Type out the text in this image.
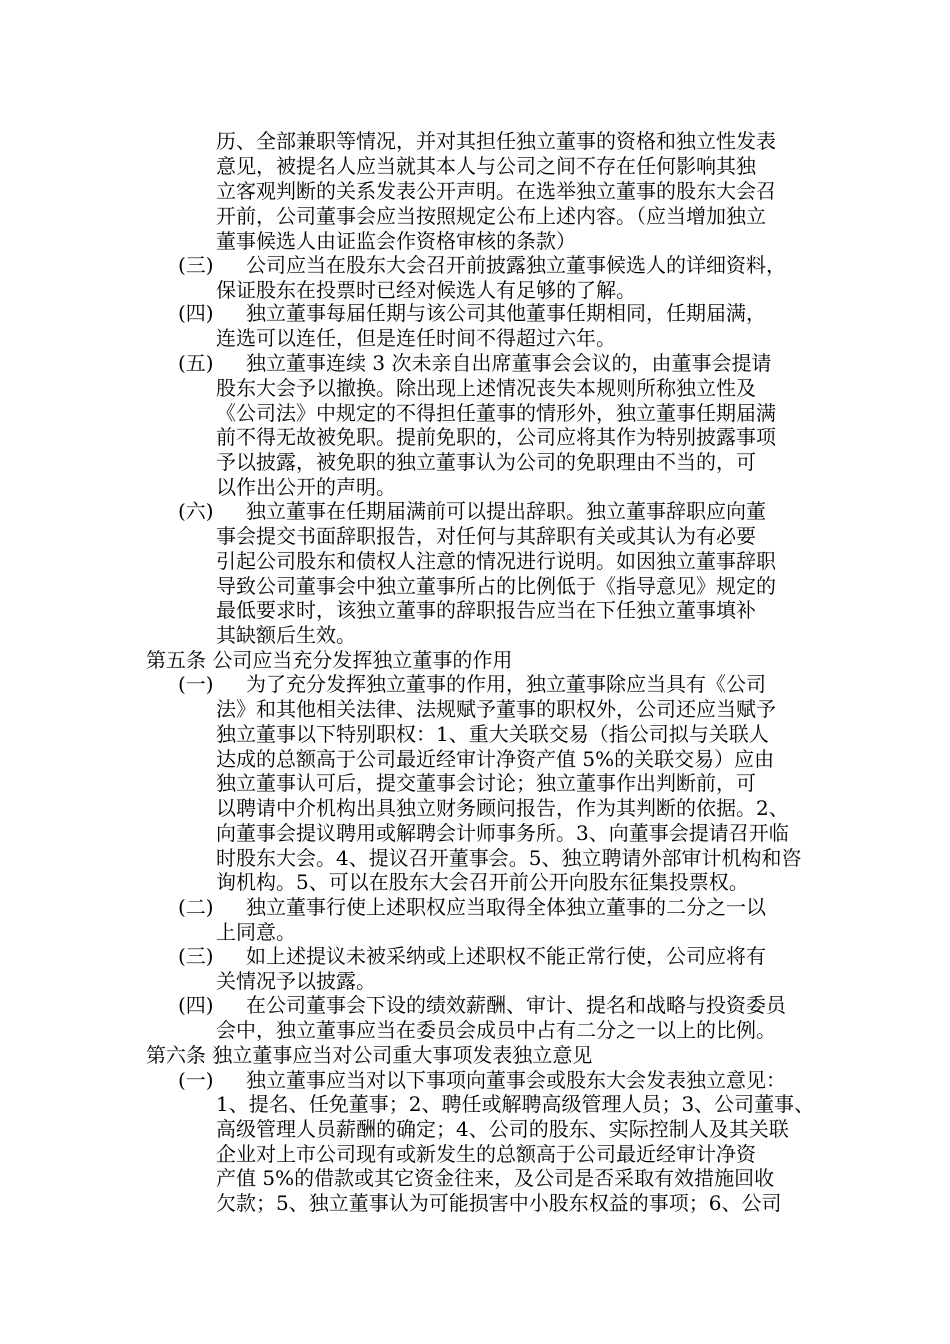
历、全部兼职等情况，并对其担任独立董事的资格和独立性发表
意见，被提名人应当就其本人与公司之间不存在任何影响其独
立客观判断的关系发表公开声明。在选举独立董事的股东大会召
开前，公司董事会应当按照规定公布上述内容。（应当增加独立
董事候选人由证监会作资格审核的条款）
(三) 公司应当在股东大会召开前披露独立董事候选人的详细资料，
保证股东在投票时已经对候选人有足够的了解。
(四) 独立董事每届任期与该公司其他董事任期相同，任期届满，
连选可以连任，但是连任时间不得超过六年。
(五) 独立董事连续 3 次未亲自出席董事会会议的，由董事会提请
股东大会予以撤换。除出现上述情况丧失本规则所称独立性及
《公司法》中规定的不得担任董事的情形外，独立董事任期届满
前不得无故被免职。提前免职的，公司应将其作为特别披露事项
予以披露，被免职的独立董事认为公司的免职理由不当的，可
以作出公开的声明。
(六) 独立董事在任期届满前可以提出辞职。独立董事辞职应向董
事会提交书面辞职报告，对任何与其辞职有关或其认为有必要
引起公司股东和债权人注意的情况进行说明。如因独立董事辞职
导致公司董事会中独立董事所占的比例低于《指导意见》规定的
最低要求时，该独立董事的辞职报告应当在下任独立董事填补
其缺额后生效。
第五条 公司应当充分发挥独立董事的作用
(一) 为了充分发挥独立董事的作用，独立董事除应当具有《公司
法》和其他相关法律、法规赋予董事的职权外，公司还应当赋予
独立董事以下特别职权：1、重大关联交易（指公司拟与关联人
达成的总额高于公司最近经审计净资产值 5%的关联交易）应由
独立董事认可后，提交董事会讨论；独立董事作出判断前，可
以聘请中介机构出具独立财务顾问报告，作为其判断的依据。2、
向董事会提议聘用或解聘会计师事务所。3、向董事会提请召开临
时股东大会。4、提议召开董事会。5、独立聘请外部审计机构和咨
询机构。5、可以在股东大会召开前公开向股东征集投票权。
(二) 独立董事行使上述职权应当取得全体独立董事的二分之一以
上同意。
(三) 如上述提议未被采纳或上述职权不能正常行使，公司应将有
关情况予以披露。
(四) 在公司董事会下设的绩效薪酬、审计、提名和战略与投资委员
会中，独立董事应当在委员会成员中占有二分之一以上的比例。
第六条 独立董事应当对公司重大事项发表独立意见
(一) 独立董事应当对以下事项向董事会或股东大会发表独立意见：
1、提名、任免董事；2、聘任或解聘高级管理人员；3、公司董事、
高级管理人员薪酬的确定；4、公司的股东、实际控制人及其关联
企业对上市公司现有或新发生的总额高于公司最近经审计净资
产值 5%的借款或其它资金往来，及公司是否采取有效措施回收
欠款；5、独立董事认为可能损害中小股东权益的事项；6、公司
